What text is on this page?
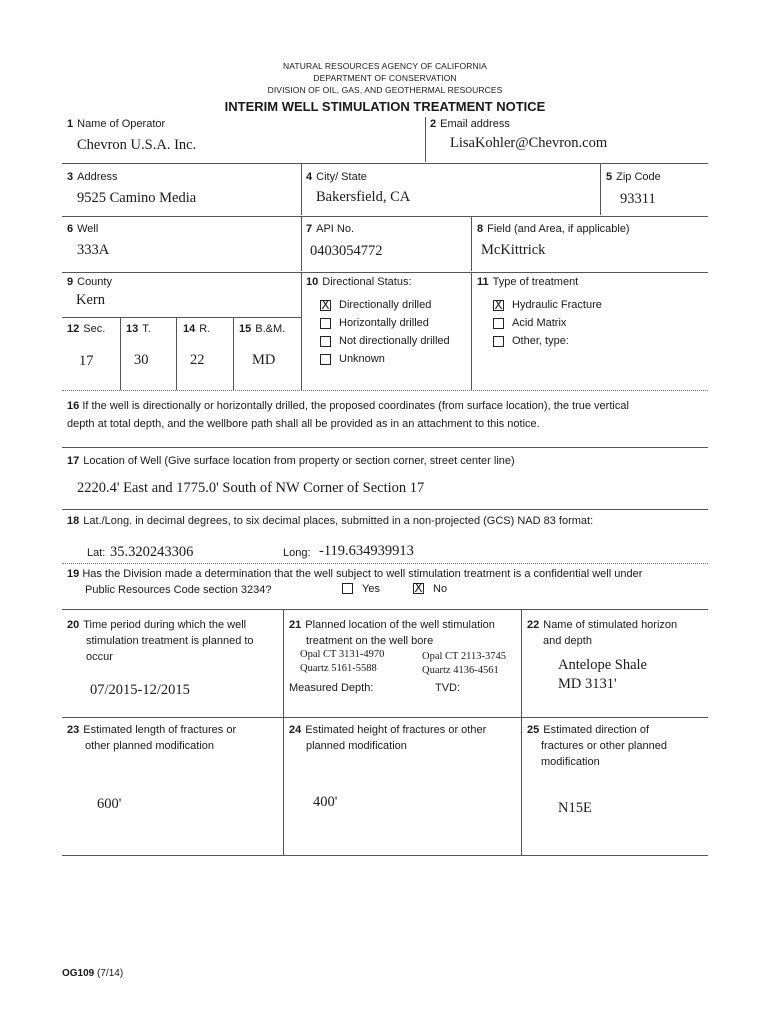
NATURAL RESOURCES AGENCY OF CALIFORNIA
DEPARTMENT OF CONSERVATION
DIVISION OF OIL, GAS, AND GEOTHERMAL RESOURCES
INTERIM WELL STIMULATION TREATMENT NOTICE
1 Name of Operator
Chevron U.S.A. Inc.
2 Email address
LisaKohler@Chevron.com
3 Address
9525 Camino Media
4 City/ State
Bakersfield, CA
5 Zip Code
93311
6 Well
333A
7 API No.
0403054772
8 Field (and Area, if applicable)
McKittrick
9 County
Kern
12 Sec.
17
13 T.
30
14 R.
22
15 B.&M.
MD
10 Directional Status:
X Directionally drilled
Horizontally drilled
Not directionally drilled
Unknown
11 Type of treatment
X Hydraulic Fracture
Acid Matrix
Other, type:
16 If the well is directionally or horizontally drilled, the proposed coordinates (from surface location), the true vertical
depth at total depth, and the wellbore path shall all be provided as in an attachment to this notice.
17 Location of Well (Give surface location from property or section corner, street center line)
2220.4' East and 1775.0' South of NW Corner of Section 17
18 Lat./Long. in decimal degrees, to six decimal places, submitted in a non-projected (GCS) NAD 83 format:
Lat: 35.320243306	Long: -119.634939913
19 Has the Division made a determination that the well subject to well stimulation treatment is a confidential well under
Public Resources Code section 3234?	Yes	X No
20 Time period during which the well
stimulation treatment is planned to
occur
07/2015-12/2015
21 Planned location of the well stimulation
treatment on the well bore
Opal CT 3131-4970
Quartz 5161-5588
Opal CT 2113-3745
Quartz 4136-4561
Measured Depth:	TVD:
22 Name of stimulated horizon
and depth
Antelope Shale
MD 3131'
23 Estimated length of fractures or
other planned modification
600'
24 Estimated height of fractures or other
planned modification
400'
25 Estimated direction of
fractures or other planned
modification
N15E
OG109 (7/14)
